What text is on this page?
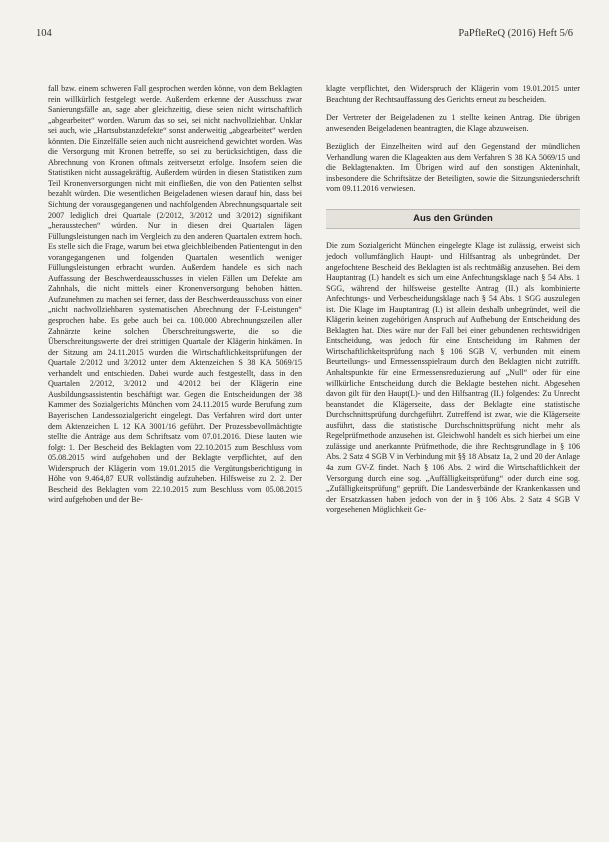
104	PaPfleReQ (2016) Heft 5/6

fall bzw. einem schweren Fall gesprochen werden könne, von dem Beklagten rein willkürlich festgelegt werde. Außerdem erkenne der Ausschuss zwar Sanierungsfälle an, sage aber gleichzeitig, diese seien nicht wirtschaftlich „abgearbeitet“ worden. Warum das so sei, sei nicht nachvollziehbar. Unklar sei auch, wie „Hartsubstanzdefekte“ sonst anderweitig „abgearbeitet“ werden könnten. Die Einzelfälle seien auch nicht ausreichend gewichtet worden. Was die Versorgung mit Kronen betreffe, so sei zu berücksichtigen, dass die Abrechnung von Kronen oftmals zeitversetzt erfolge. Insofern seien die Statistiken nicht aussagekräftig. Außerdem würden in diesen Statistiken zum Teil Kronenversorgungen nicht mit einfließen, die von den Patienten selbst bezahlt würden. Die wesentlichen Beigeladenen wiesen darauf hin, dass bei Sichtung der vorausgegangenen und nachfolgenden Abrechnungsquartale seit 2007 lediglich drei Quartale (2/2012, 3/2012 und 3/2012) signifikant „herausstechen“ würden. Nur in diesen drei Quartalen lägen Füllungsleistungen nach im Vergleich zu den anderen Quartalen extrem hoch. Es stelle sich die Frage, warum bei etwa gleichbleibenden Patientengut in den vorangegangenen und folgenden Quartalen wesentlich weniger Füllungsleistungen erbracht wurden. Außerdem handele es sich nach Auffassung der Beschwerdeausschusses in vielen Fällen um Defekte am Zahnhals, die nicht mittels einer Kronenversorgung behoben hätten. Aufzunehmen zu machen sei ferner, dass der Beschwerdeausschuss von einer „nicht nachvollziehbaren systematischen Abrechnung der F-Leistungen“ gesprochen habe. Es gebe auch bei ca. 100.000 Abrechnungszeilen aller Zahnärzte keine solchen Überschreitungswerte, die so die Überschreitungswerte der drei strittigen Quartale der Klägerin hinkämen. In der Sitzung am 24.11.2015 wurden die Wirtschaftlichkeitsprüfungen der Quartale 2/2012 und 3/2012 unter dem Aktenzeichen S 38 KA 5069/15 verhandelt und entschieden. Dabei wurde auch festgestellt, dass in den Quartalen 2/2012, 3/2012 und 4/2012 bei der Klägerin eine Ausbildungsassistentin beschäftigt war. Gegen die Entscheidungen der 38 Kammer des Sozialgerichts München vom 24.11.2015 wurde Berufung zum Bayerischen Landessozialgericht eingelegt. Das Verfahren wird dort unter dem Aktenzeichen L 12 KA 3001/16 geführt. Der Prozessbevollmächtigte stellte die Anträge aus dem Schriftsatz vom 07.01.2016. Diese lauten wie folgt: 1. Der Bescheid des Beklagten vom 22.10.2015 zum Beschluss vom 05.08.2015 wird aufgehoben und der Beklagte verpflichtet, auf den Widerspruch der Klägerin vom 19.01.2015 die Vergütungsberichtigung in Höhe von 9.464,87 EUR vollständig aufzuheben. Hilfsweise zu 2. 2. Der Bescheid des Beklagten vom 22.10.2015 zum Beschluss vom 05.08.2015 wird aufgehoben und der Be-

klagte verpflichtet, den Widerspruch der Klägerin vom 19.01.2015 unter Beachtung der Rechtsauffassung des Gerichts erneut zu bescheiden.

Der Vertreter der Beigeladenen zu 1 stellte keinen Antrag. Die übrigen anwesenden Beigeladenen beantragten, die Klage abzuweisen.

Bezüglich der Einzelheiten wird auf den Gegenstand der mündlichen Verhandlung waren die Klageakten aus dem Verfahren S 38 KA 5069/15 und die Beklagtenakten. Im Übrigen wird auf den sonstigen Akteninhalt, insbesondere die Schriftsätze der Beteiligten, sowie die Sitzungsniederschrift vom 09.11.2016 verwiesen.

Aus den Gründen

Die zum Sozialgericht München eingelegte Klage ist zulässig, erweist sich jedoch vollumfänglich Haupt- und Hilfsantrag als unbegründet. Der angefochtene Bescheid des Beklagten ist als rechtmäßig anzusehen. Bei dem Hauptantrag (I.) handelt es sich um eine Anfechtungsklage nach § 54 Abs. 1 SGG, während der hilfsweise gestellte Antrag (II.) als kombinierte Anfechtungs- und Verbescheidungsklage nach § 54 Abs. 1 SGG auszulegen ist. Die Klage im Hauptantrag (I.) ist allein deshalb unbegründet, weil die Klägerin keinen zugehörigen Anspruch auf Aufhebung der Entscheidung des Beklagten hat. Dies wäre nur der Fall bei einer gebundenen rechtswidrigen Entscheidung, was jedoch für eine Entscheidung im Rahmen der Wirtschaftlichkeitsprüfung nach § 106 SGB V, verbunden mit einem Beurteilungs- und Ermessensspielraum durch den Beklagten nicht zutrifft. Anhaltspunkte für eine Ermessensreduzierung auf „Null“ oder für eine willkürliche Entscheidung durch die Beklagte bestehen nicht. Abgesehen davon gilt für den Haupt(I.)- und den Hilfsantrag (II.) folgendes: Zu Unrecht beanstandet die Klägerseite, dass der Beklagte eine statistische Durchschnittsprüfung durchgeführt. Zutreffend ist zwar, wie die Klägerseite ausführt, dass die statistische Durchschnittsprüfung nicht mehr als Regelprüfmethode anzusehen ist. Gleichwohl handelt es sich hierbei um eine zulässige und anerkannte Prüfmethode, die ihre Rechtsgrundlage in § 106 Abs. 2 Satz 4 SGB V in Verbindung mit §§ 18 Absatz 1a, 2 und 20 der Anlage 4a zum GV-Z findet. Nach § 106 Abs. 2 wird die Wirtschaftlichkeit der Versorgung durch eine sog. „Auffälligkeitsprüfung“ oder durch eine sog. „Zufälligkeitsprüfung“ geprüft. Die Landesverbände der Krankenkassen und der Ersatzkassen haben jedoch von der in § 106 Abs. 2 Satz 4 SGB V vorgesehenen Möglichkeit Ge-
